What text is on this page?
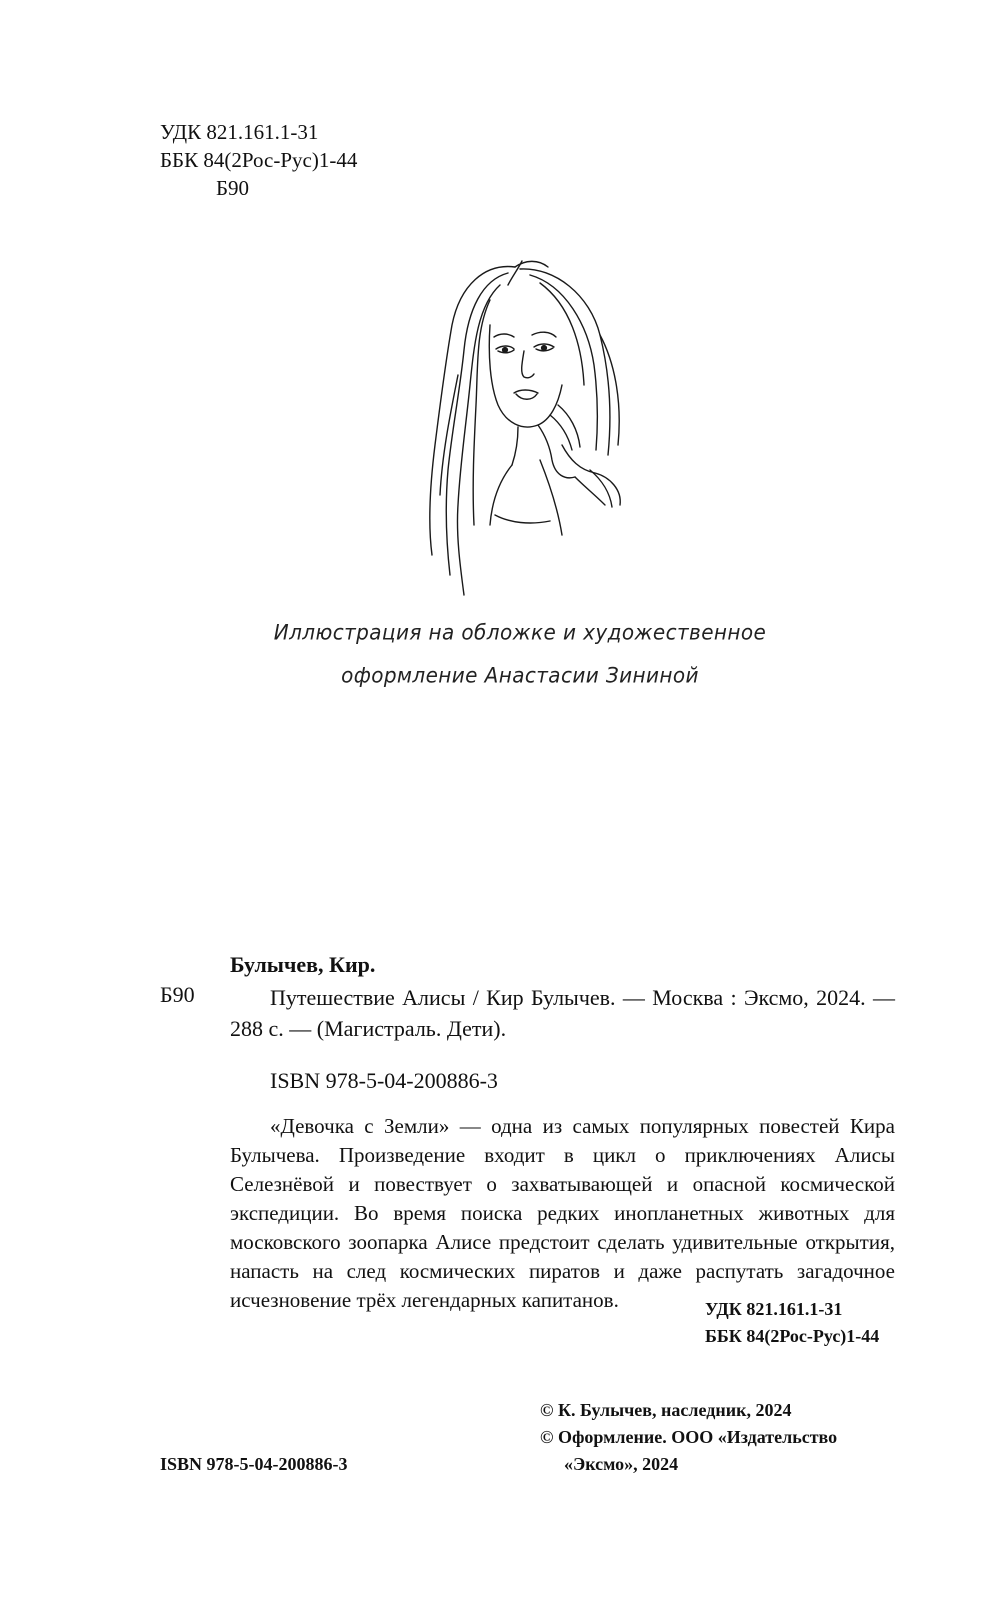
УДК 821.161.1-31
ББК 84(2Рос-Рус)1-44
Б90
Иллюстрация на обложке и художественное
оформление Анастасии Зининой
Булычев, Кир.
Б90	Путешествие Алисы / Кир Булычев. — Москва : Эксмо, 2024. — 288 с. — (Магистраль. Дети).
ISBN 978-5-04-200886-3
«Девочка с Земли» — одна из самых популярных повестей Кира Булычева. Произведение входит в цикл о приключениях Алисы Селезнёвой и повествует о захватывающей и опасной космической экспедиции. Во время поиска редких инопланетных животных для московского зоопарка Алисе предстоит сделать удивительные открытия, напасть на след космических пиратов и даже распутать загадочное исчезновение трёх легендарных капитанов.	УДК 821.161.1-31
ББК 84(2Рос-Рус)1-44
© К. Булычев, наследник, 2024
© Оформление. ООО «Издательство
«Эксмо», 2024
ISBN 978-5-04-200886-3
